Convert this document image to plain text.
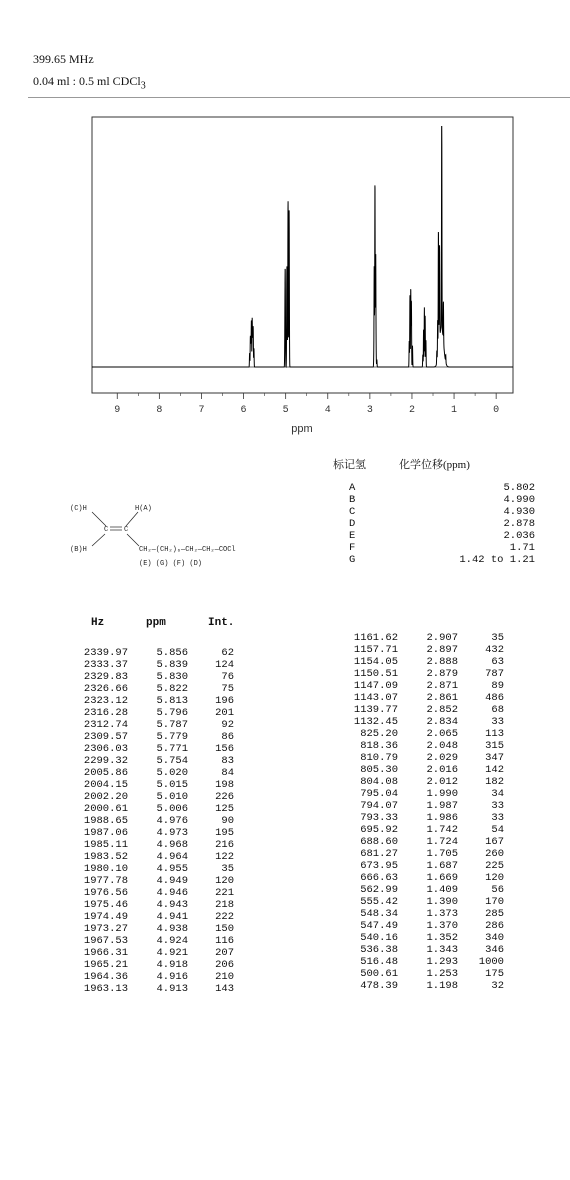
399.65 MHz
0.04 ml : 0.5 ml CDCl$_3$
9	8	7	6	5	4	3	2	1	0
ppm
(C)H	H(A)
(B)H
C C
CH₂—(CH₂)₆—CH₂—CH₂—COCl
(E) (G) (F) (D)
标记氢	化学位移(ppm)
A	5.802
B	4.990
C	4.930
D	2.878
E	2.036
F	1.71
G	1.42 to 1.21
Hz	ppm	Int.
2339.97	5.856	62
2333.37	5.839	124
2329.83	5.830	76
2326.66	5.822	75
2323.12	5.813	196
2316.28	5.796	201
2312.74	5.787	92
2309.57	5.779	86
2306.03	5.771	156
2299.32	5.754	83
2005.86	5.020	84
2004.15	5.015	198
2002.20	5.010	226
2000.61	5.006	125
1988.65	4.976	90
1987.06	4.973	195
1985.11	4.968	216
1983.52	4.964	122
1980.10	4.955	35
1977.78	4.949	120
1976.56	4.946	221
1975.46	4.943	218
1974.49	4.941	222
1973.27	4.938	150
1967.53	4.924	116
1966.31	4.921	207
1965.21	4.918	206
1964.36	4.916	210
1963.13	4.913	143
1161.62	2.907	35
1157.71	2.897	432
1154.05	2.888	63
1150.51	2.879	787
1147.09	2.871	89
1143.07	2.861	486
1139.77	2.852	68
1132.45	2.834	33
825.20	2.065	113
818.36	2.048	315
810.79	2.029	347
805.30	2.016	142
804.08	2.012	182
795.04	1.990	34
794.07	1.987	33
793.33	1.986	33
695.92	1.742	54
688.60	1.724	167
681.27	1.705	260
673.95	1.687	225
666.63	1.669	120
562.99	1.409	56
555.42	1.390	170
548.34	1.373	285
547.49	1.370	286
540.16	1.352	340
536.38	1.343	346
516.48	1.293 1000
500.61	1.253	175
478.39	1.198	32
